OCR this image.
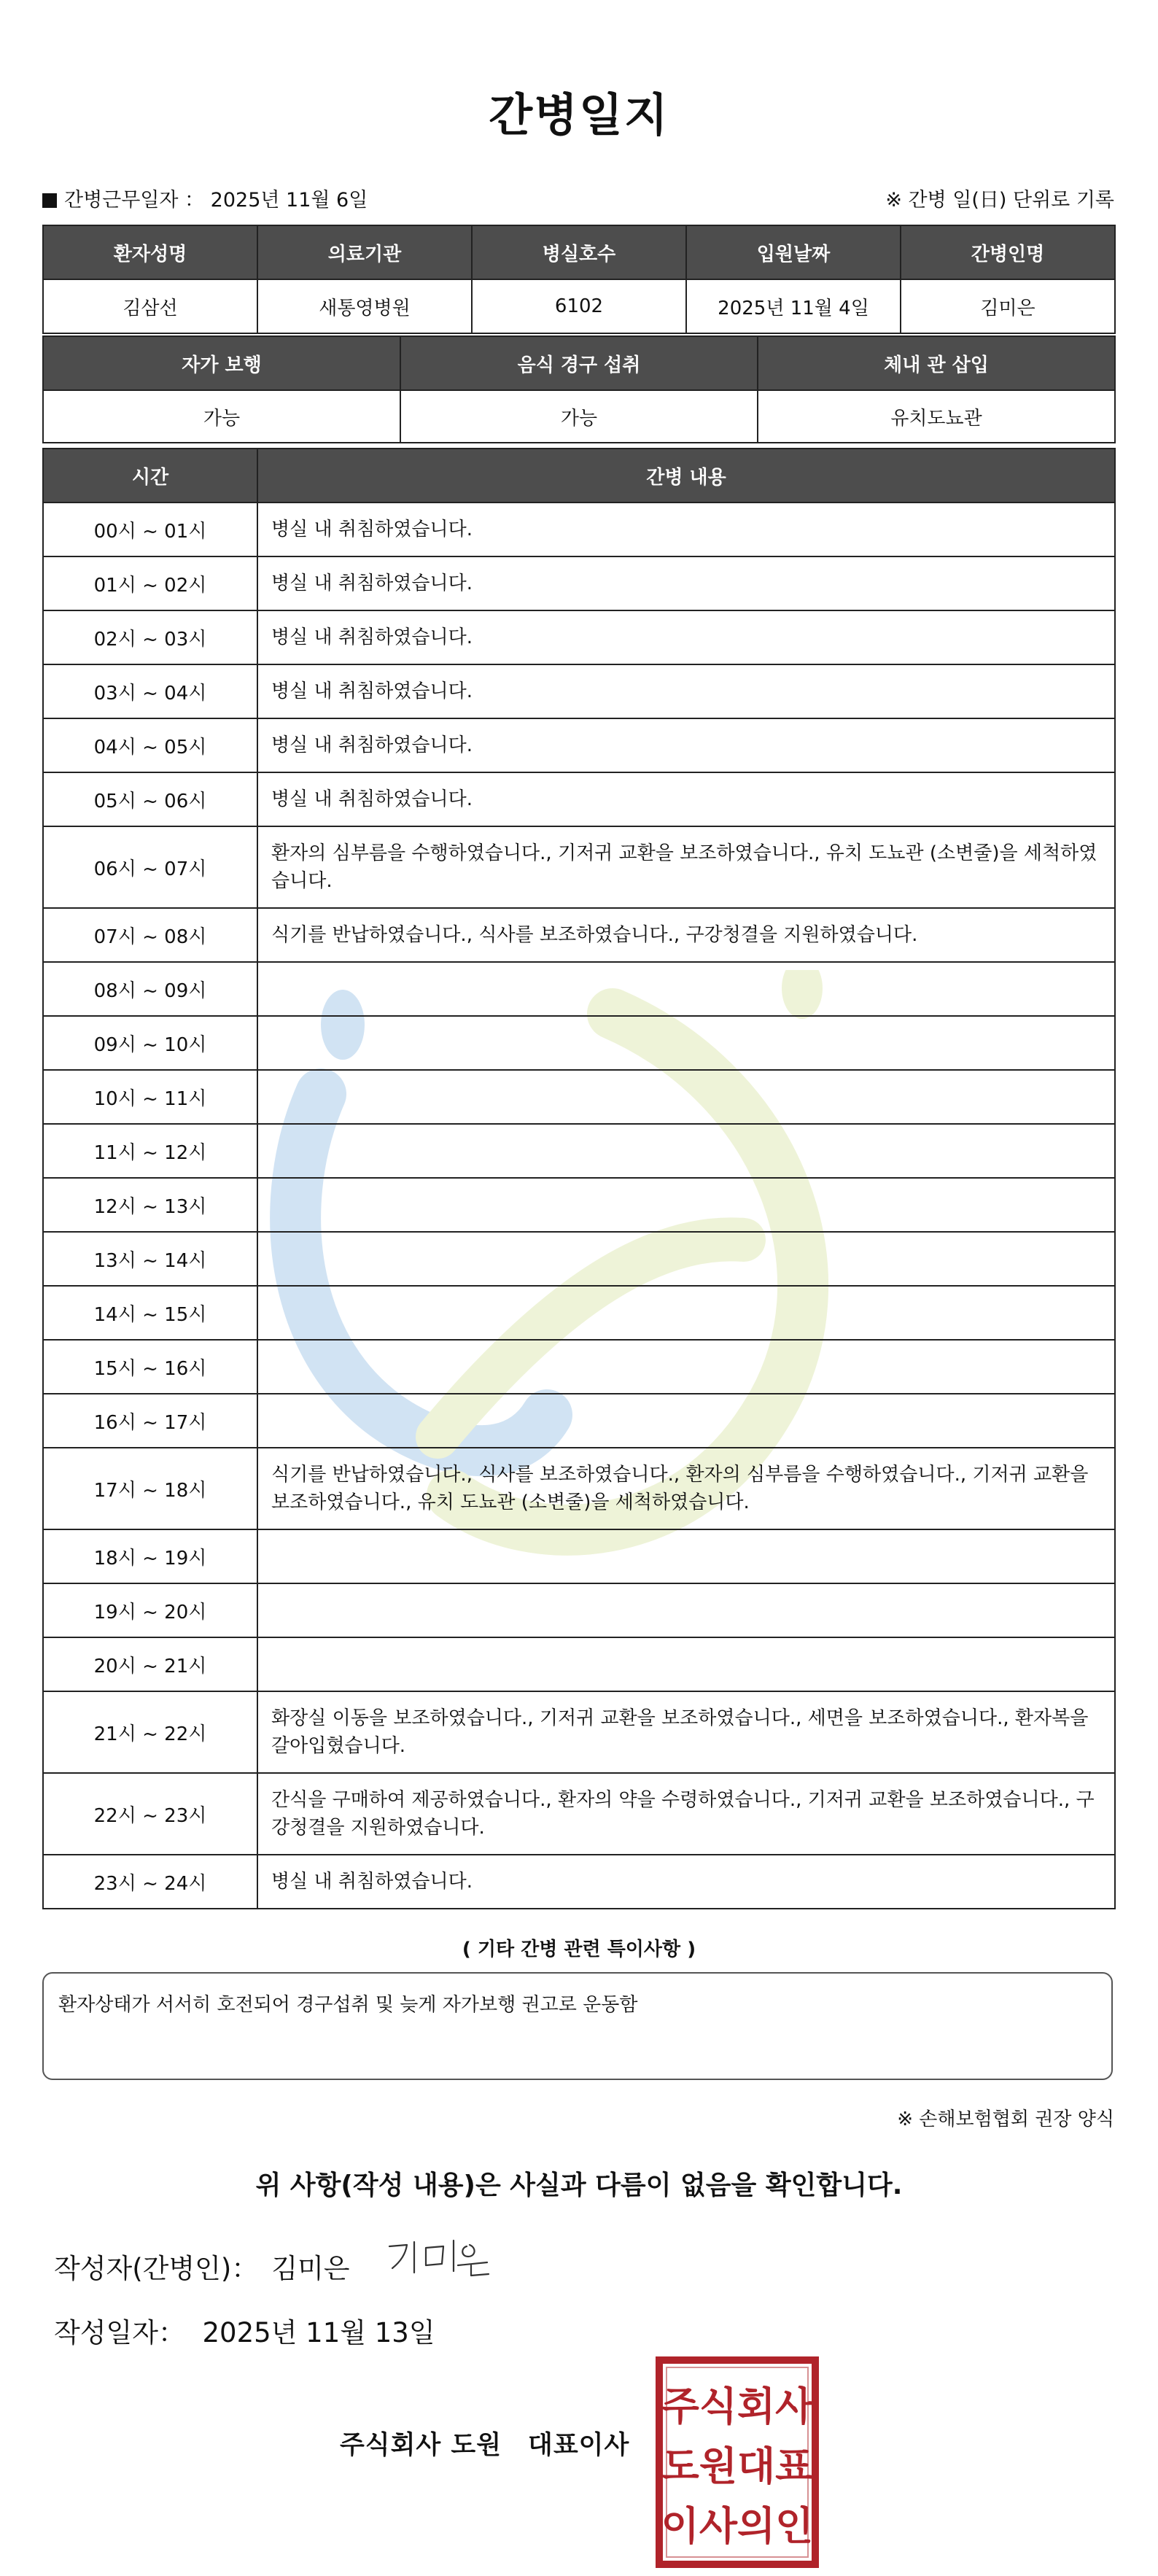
간병일지
간병근무일자 ： 2025년 11월 6일	※ 간병 일(日) 단위로 기록
환자성명	의료기관	병실호수	입원날짜	간병인명
김삼선	새통영병원	6102	2025년 11월 4일	김미은
자가 보행	음식 경구 섭취	체내 관 삽입
가능	가능	유치도뇨관
시간	간병 내용
00시 ~ 01시	병실 내 취침하였습니다.
01시 ~ 02시	병실 내 취침하였습니다.
02시 ~ 03시	병실 내 취침하였습니다.
03시 ~ 04시	병실 내 취침하였습니다.
04시 ~ 05시	병실 내 취침하였습니다.
05시 ~ 06시	병실 내 취침하였습니다.
06시 ~ 07시	환자의 심부름을 수행하였습니다., 기저귀 교환을 보조하였습니다., 유치 도뇨관 (소변줄)을 세척하였습니다.
07시 ~ 08시	식기를 반납하였습니다., 식사를 보조하였습니다., 구강청결을 지원하였습니다.
08시 ~ 09시	
09시 ~ 10시	
10시 ~ 11시	
11시 ~ 12시	
12시 ~ 13시	
13시 ~ 14시	
14시 ~ 15시	
15시 ~ 16시	
16시 ~ 17시	
17시 ~ 18시	식기를 반납하였습니다., 식사를 보조하였습니다., 환자의 심부름을 수행하였습니다., 기저귀 교환을 보조하였습니다., 유치 도뇨관 (소변줄)을 세척하였습니다.
18시 ~ 19시	
19시 ~ 20시	
20시 ~ 21시	
21시 ~ 22시	화장실 이동을 보조하였습니다., 기저귀 교환을 보조하였습니다., 세면을 보조하였습니다., 환자복을 갈아입혔습니다.
22시 ~ 23시	간식을 구매하여 제공하였습니다., 환자의 약을 수령하였습니다., 기저귀 교환을 보조하였습니다., 구강청결을 지원하였습니다.
23시 ~ 24시	병실 내 취침하였습니다.
( 기타 간병 관련 특이사항 )
환자상태가 서서히 호전되어 경구섭취 및 늦게 자가보행 권고로 운동함
※ 손해보험협회 권장 양식
위 사항(작성 내용)은 사실과 다름이 없음을 확인합니다.
작성자(간병인)： 김미은
작성일자： 2025년 11월 13일
주식회사 도원　대표이사
주식회사
도원대표
이사의인
